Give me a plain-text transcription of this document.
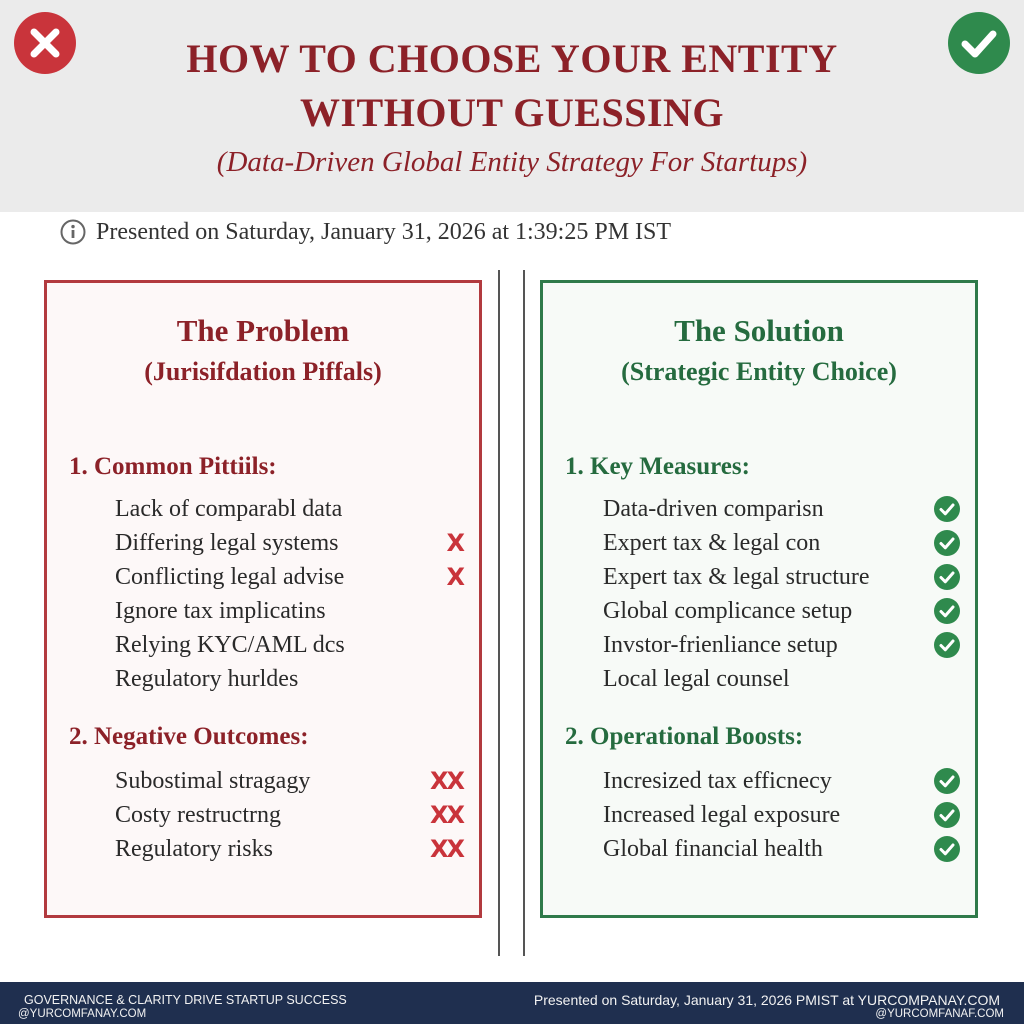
HOW TO CHOOSE YOUR ENTITY
WITHOUT GUESSING
(Data-Driven Global Entity Strategy For Startups)
Presented on Saturday, January 31, 2026 at 1:39:25 PM IST
The Problem
(Jurisifdation Piffals)
1. Common Pittiils:
Lack of comparabl data
Differing legal systems	X
Conflicting legal advise	X
Ignore tax implicatins
Relying KYC/AML dcs
Regulatory hurldes
2. Negative Outcomes:
Subostimal stragagy	XX
Costy restructrng	XX
Regulatory risks	XX
The Solution
(Strategic Entity Choice)
1. Key Measures:
Data-driven comparisn
Expert tax & legal con
Expert tax & legal structure
Global complicance setup
Invstor-frienliance setup
Local legal counsel
2. Operational Boosts:
Incresized tax efficnecy
Increased legal exposure
Global financial health
GOVERNANCE & CLARITY DRIVE STARTUP SUCCESS
@YURCOMFANAY.COM
Presented on Saturday, January 31, 2026 PMIST at YURCOMPANAY.COM
@YURCOMFANAF.COM
